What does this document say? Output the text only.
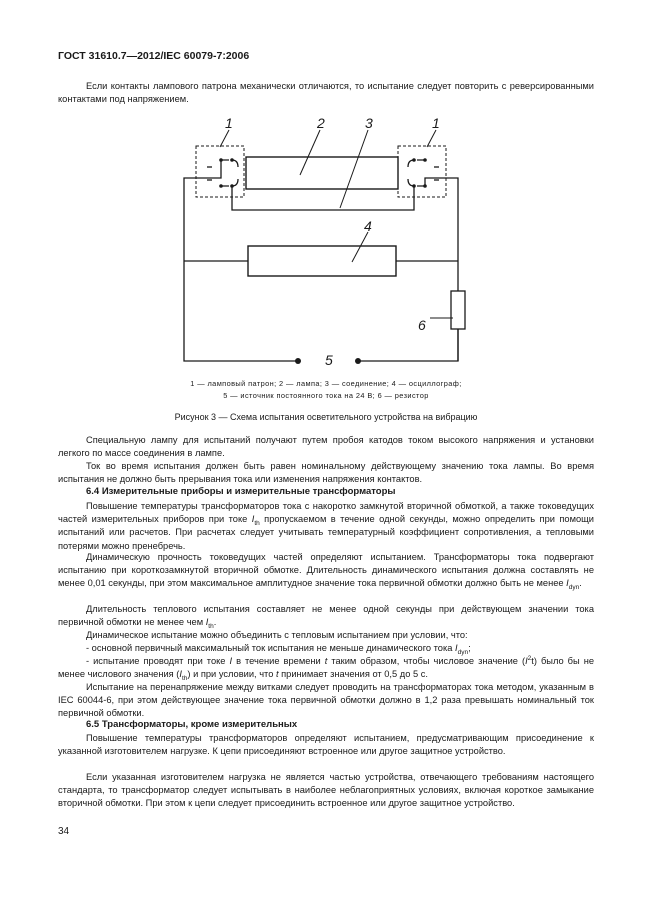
ГОСТ 31610.7—2012/IEC 60079-7:2006

Если контакты лампового патрона механически отличаются, то испытание следует повторить с реверсированными контактами под напряжением.

1	2	3	1
4
6
5
1 — ламповый патрон; 2 — лампа; 3 — соединение; 4 — осциллограф;
5 — источник постоянного тока на 24 В; 6 — резистор
Рисунок 3 — Схема испытания осветительного устройства на вибрацию

Специальную лампу для испытаний получают путем пробоя катодов током высокого напряжения и установки легкого по массе соединения в лампе.

Ток во время испытания должен быть равен номинальному действующему значению тока лампы. Во время испытания не должно быть прерывания тока или изменения напряжения контактов.

6.4 Измерительные приборы и измерительные трансформаторы

Повышение температуры трансформаторов тока с накоротко замкнутой вторичной обмоткой, а также токоведущих частей измерительных приборов при токе $I_{th}$ пропускаемом в течение одной секунды, можно определить при помощи испытаний или расчетов. При расчетах следует учитывать температурный коэффициент сопротивления, а тепловыми потерями можно пренебречь.

Динамическую прочность токоведущих частей определяют испытанием. Трансформаторы тока подвергают испытанию при короткозамкнутой вторичной обмотке. Длительность динамического испытания должна составлять не менее 0,01 секунды, при этом максимальное амплитудное значение тока первичной обмотки должно быть не менее $I_{dyn}$.

Длительность теплового испытания составляет не менее одной секунды при действующем значении тока первичной обмотки не менее чем $I_{th}$.

Динамическое испытание можно объединить с тепловым испытанием при условии, что:

- основной первичный максимальный ток испытания не меньше динамического тока $I_{dyn}$;

- испытание проводят при токе I в течение времени t таким образом, чтобы числовое значение $(I^2t)$ было бы не менее числового значения $(I_{th})$ и при условии, что t принимает значения от 0,5 до 5 с.

Испытание на перенапряжение между витками следует проводить на трансформаторах тока методом, указанным в IEC 60044-6, при этом действующее значение тока первичной обмотки должно в 1,2 раза превышать номинальный ток первичной обмотки.

6.5 Трансформаторы, кроме измерительных

Повышение температуры трансформаторов определяют испытанием, предусматривающим присоединение к указанной изготовителем нагрузке. К цепи присоединяют встроенное или другое защитное устройство.

Если указанная изготовителем нагрузка не является частью устройства, отвечающего требованиям настоящего стандарта, то трансформатор следует испытывать в наиболее неблагоприятных условиях, включая короткое замыкание вторичной обмотки. При этом к цепи следует присоединить встроенное или другое защитное устройство.

34
